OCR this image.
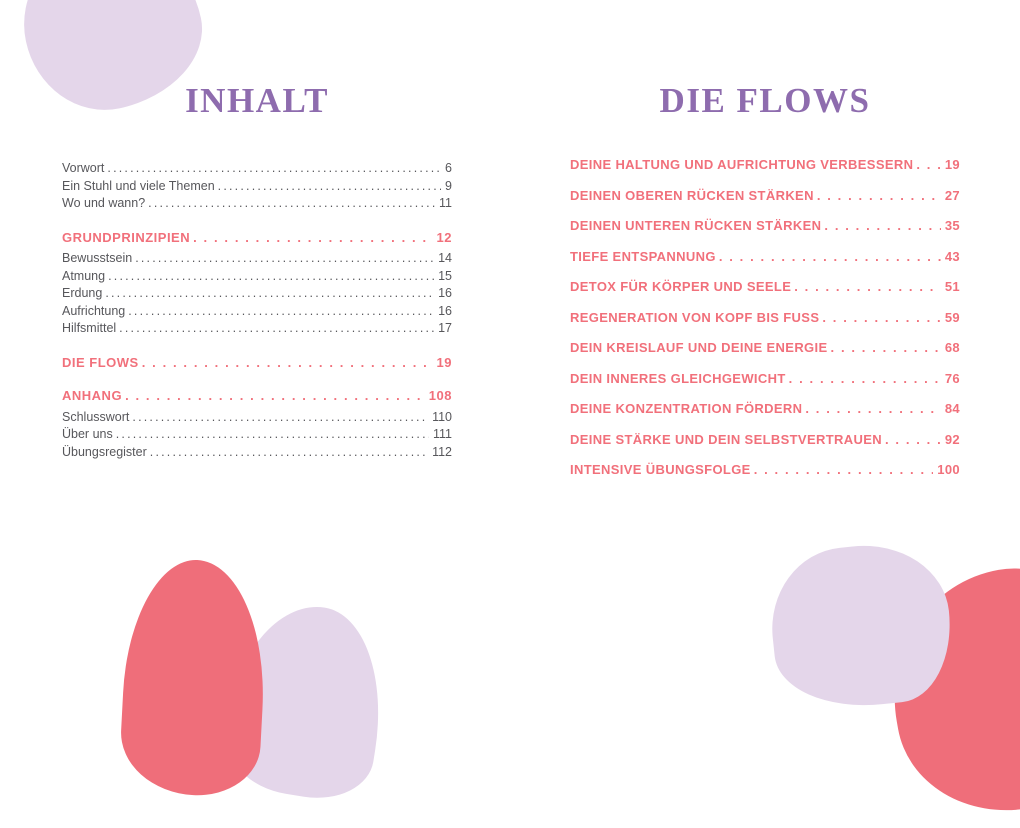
INHALT
Vorwort .....	6
Ein Stuhl und viele Themen .....	9
Wo und wann? .....	11
GRUNDPRINZIPIEN . . .	12
Bewusstsein .....	14
Atmung .....	15
Erdung .....	16
Aufrichtung .....	16
Hilfsmittel .....	17
DIE FLOWS . . .	19
ANHANG . . .	108
Schlusswort .....	110
Über uns .....	111
Übungsregister .....	112
DIE FLOWS
DEINE HALTUNG UND AUFRICHTUNG VERBESSERN . . . 19
DEINEN OBEREN RÜCKEN STÄRKEN . . .	27
DEINEN UNTEREN RÜCKEN STÄRKEN . . .	35
TIEFE ENTSPANNUNG . . .	43
DETOX FÜR KÖRPER UND SEELE . . .	51
REGENERATION VON KOPF BIS FUSS . . .	59
DEIN KREISLAUF UND DEINE ENERGIE . . .	68
DEIN INNERES GLEICHGEWICHT . . .	76
DEINE KONZENTRATION FÖRDERN . . .	84
DEINE STÄRKE UND DEIN SELBSTVERTRAUEN . . .	92
INTENSIVE ÜBUNGSFOLGE . . .	100
